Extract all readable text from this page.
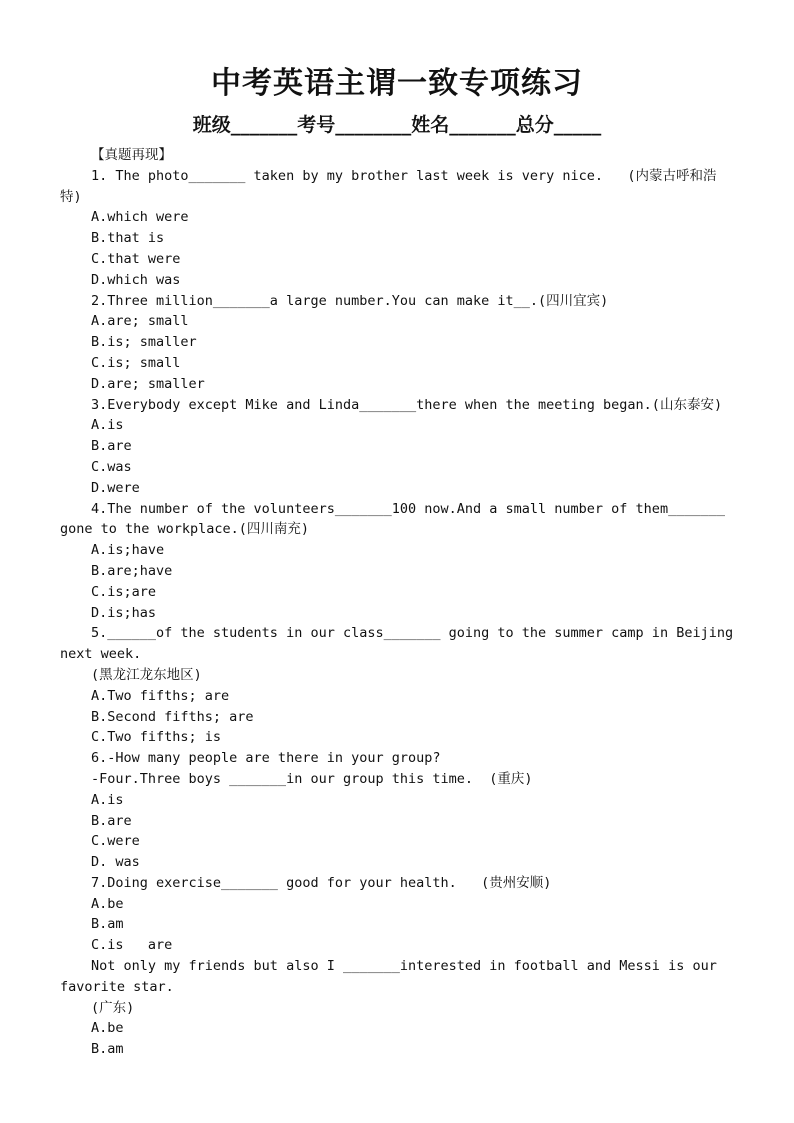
中考英语主谓一致专项练习
班级_______考号________姓名_______总分_____
【真题再现】
1. The photo_______ taken by my brother last week is very nice.   (内蒙古呼和浩特)
A.which were
B.that is
C.that were
D.which was
2.Three million_______a large number.You can make it__.(四川宜宾)
A.are; small
B.is; smaller
C.is; small
D.are; smaller
3.Everybody except Mike and Linda_______there when the meeting began.(山东泰安)
A.is
B.are
C.was
D.were
4.The number of the volunteers_______100 now.And a small number of them_______ gone to the workplace.(四川南充)
A.is;have
B.are;have
C.is;are
D.is;has
5.______of the students in our class_______ going to the summer camp in Beijing next week.
(黑龙江龙东地区)
A.Two fifths; are
B.Second fifths; are
C.Two fifths; is
6.-How many people are there in your group?
-Four.Three boys _______in our group this time.  (重庆)
A.is
B.are
C.were
D. was
7.Doing exercise_______ good for your health.   (贵州安顺)
A.be
B.am
C.is   are
Not only my friends but also I _______interested in football and Messi is our favorite star.
(广东)
A.be
B.am
